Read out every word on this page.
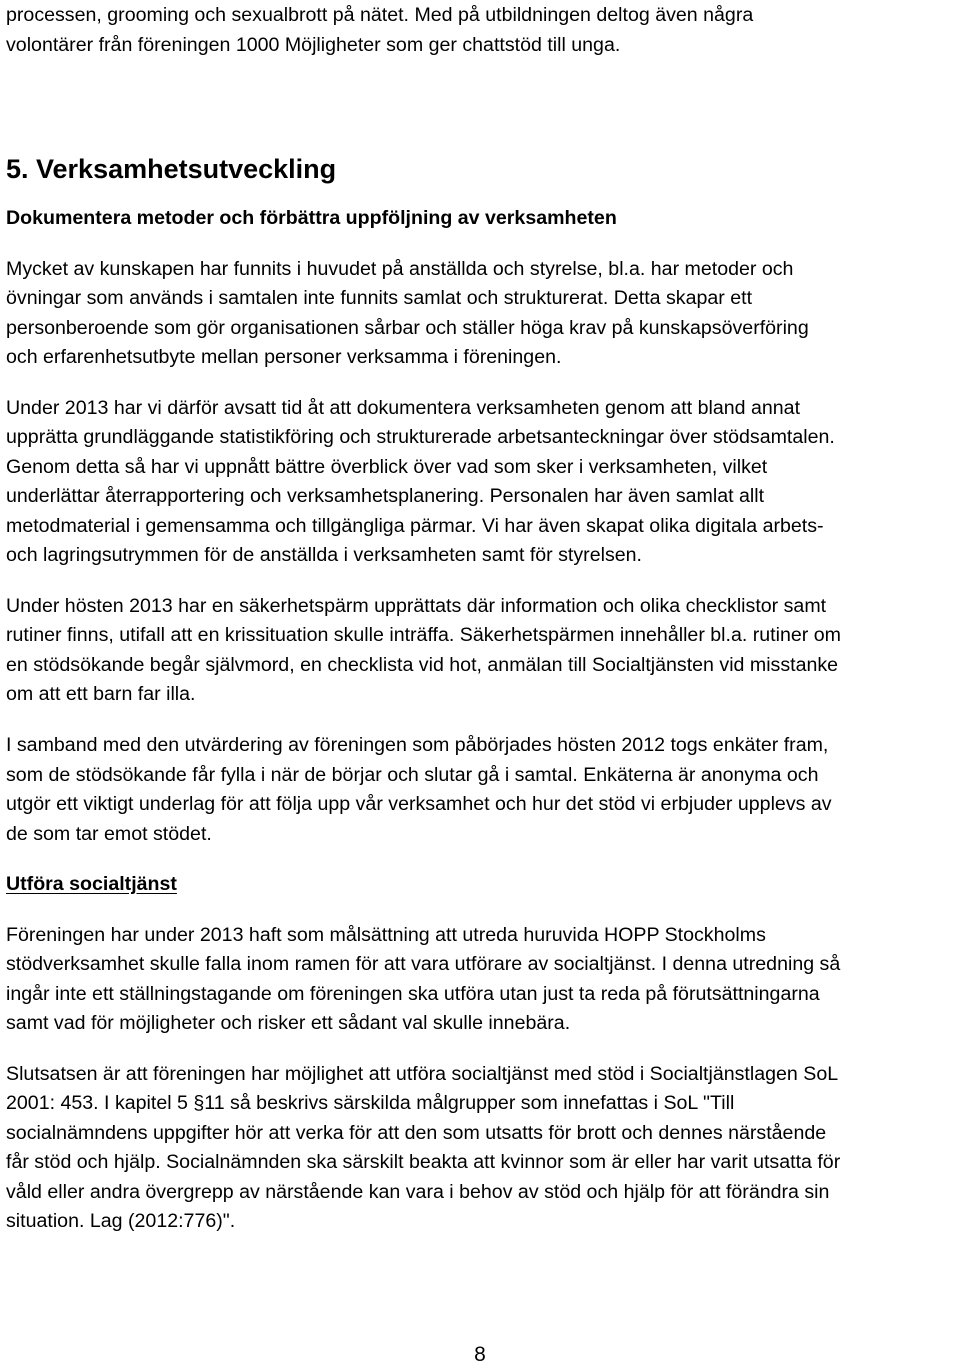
processen, grooming och sexualbrott på nätet. Med på utbildningen deltog även några
volontärer från föreningen 1000 Möjligheter som ger chattstöd till unga.
5. Verksamhetsutveckling
Dokumentera metoder och förbättra uppföljning av verksamheten
Mycket av kunskapen har funnits i huvudet på anställda och styrelse, bl.a. har metoder och
övningar som används i samtalen inte funnits samlat och strukturerat. Detta skapar ett
personberoende som gör organisationen sårbar och ställer höga krav på kunskapsöverföring
och erfarenhetsutbyte mellan personer verksamma i föreningen.
Under 2013 har vi därför avsatt tid åt att dokumentera verksamheten genom att bland annat
upprätta grundläggande statistikföring och strukturerade arbetsanteckningar över stödsamtalen.
Genom detta så har vi uppnått bättre överblick över vad som sker i verksamheten, vilket
underlättar återrapportering och verksamhetsplanering. Personalen har även samlat allt
metodmaterial i gemensamma och tillgängliga pärmar. Vi har även skapat olika digitala arbets-
och lagringsutrymmen för de anställda i verksamheten samt för styrelsen.
Under hösten 2013 har en säkerhetspärm upprättats där information och olika checklistor samt
rutiner finns, utifall att en krissituation skulle inträffa. Säkerhetspärmen innehåller bl.a. rutiner om
en stödsökande begår självmord, en checklista vid hot, anmälan till Socialtjänsten vid misstanke
om att ett barn far illa.
I samband med den utvärdering av föreningen som påbörjades hösten 2012 togs enkäter fram,
som de stödsökande får fylla i när de börjar och slutar gå i samtal. Enkäterna är anonyma och
utgör ett viktigt underlag för att följa upp vår verksamhet och hur det stöd vi erbjuder upplevs av
de som tar emot stödet.
Utföra socialtjänst
Föreningen har under 2013 haft som målsättning att utreda huruvida HOPP Stockholms
stödverksamhet skulle falla inom ramen för att vara utförare av socialtjänst. I denna utredning så
ingår inte ett ställningstagande om föreningen ska utföra utan just ta reda på förutsättningarna
samt vad för möjligheter och risker ett sådant val skulle innebära.
Slutsatsen är att föreningen har möjlighet att utföra socialtjänst med stöd i Socialtjänstlagen SoL
2001: 453. I kapitel 5 §11 så beskrivs särskilda målgrupper som innefattas i SoL "Till
socialnämndens uppgifter hör att verka för att den som utsatts för brott och dennes närstående
får stöd och hjälp. Socialnämnden ska särskilt beakta att kvinnor som är eller har varit utsatta för
våld eller andra övergrepp av närstående kan vara i behov av stöd och hjälp för att förändra sin
situation. Lag (2012:776)".
8
